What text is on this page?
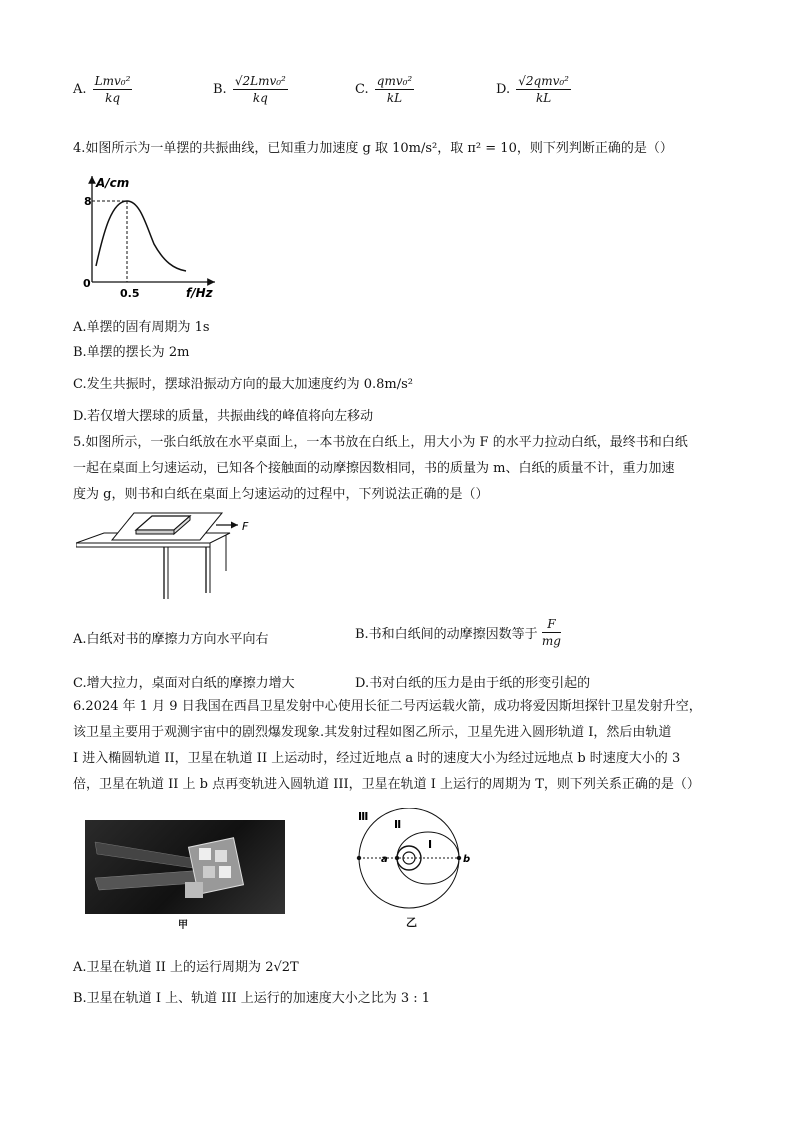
A. $\frac{\text{Lmv₀²}}{kq}$	B. $\frac{\text{√2Lmv₀²}}{kq}$	C. $\frac{\text{qmv₀²}}{kL}$	D. $\frac{\text{√2qmv₀²}}{kL}$
4.如图所示为一单摆的共振曲线，已知重力加速度 g 取 10m/s²，取 π² = 10，则下列判断正确的是（）
A/cm
f/Hz
0
8
0.5
A.单摆的固有周期为 1s
B.单摆的摆长为 2m
C.发生共振时，摆球沿振动方向的最大加速度约为 0.8m/s²
D.若仅增大摆球的质量，共振曲线的峰值将向左移动
5.如图所示，一张白纸放在水平桌面上，一本书放在白纸上，用大小为 F 的水平力拉动白纸，最终书和白纸
一起在桌面上匀速运动，已知各个接触面的动摩擦因数相同，书的质量为 m、白纸的质量不计，重力加速
度为 g，则书和白纸在桌面上匀速运动的过程中，下列说法正确的是（）
F
A.白纸对书的摩擦力方向水平向右	B.书和白纸间的动摩擦因数等于 $\frac{F}{mg}$
C.增大拉力，桌面对白纸的摩擦力增大	D.书对白纸的压力是由于纸的形变引起的
6.2024 年 1 月 9 日我国在西昌卫星发射中心使用长征二号丙运载火箭，成功将爱因斯坦探针卫星发射升空，
该卫星主要用于观测宇宙中的剧烈爆发现象.其发射过程如图乙所示，卫星先进入圆形轨道 I，然后由轨道
I 进入椭圆轨道 II，卫星在轨道 II 上运动时，经过近地点 a 时的速度大小为经过远地点 b 时速度大小的 3
倍，卫星在轨道 II 上 b 点再变轨进入圆轨道 III，卫星在轨道 I 上运行的周期为 T，则下列关系正确的是（）
甲
Ⅲ
Ⅱ
I
a	b
乙
A.卫星在轨道 II 上的运行周期为 2√2T
B.卫星在轨道 I 上、轨道 III 上运行的加速度大小之比为 3 : 1
